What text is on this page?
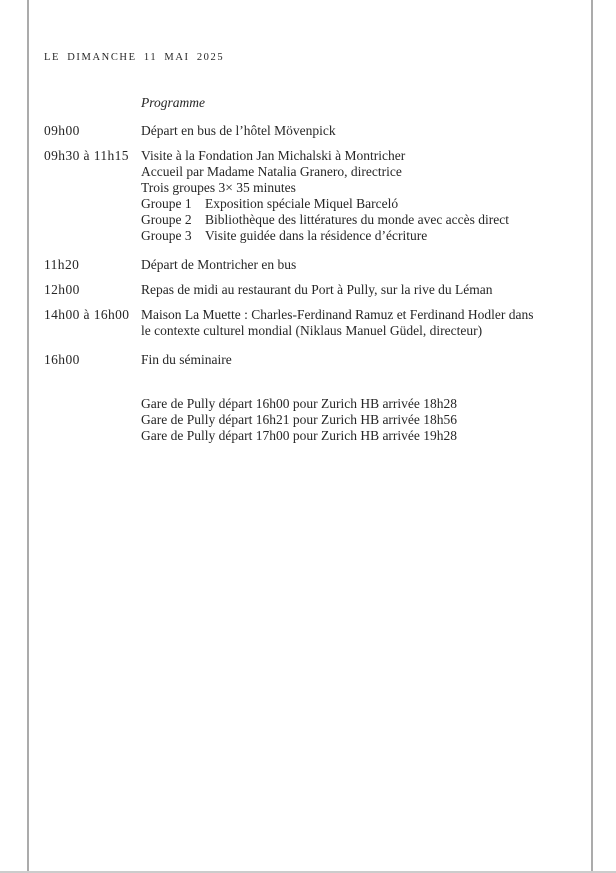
LE DIMANCHE 11 MAI 2025
Programme
09h00	Départ en bus de l’hôtel Mövenpick
09h30 à 11h15 Visite à la Fondation Jan Michalski à Montricher
Accueil par Madame Natalia Granero, directrice
Trois groupes 3× 35 minutes
Groupe 1 Exposition spéciale Miquel Barceló
Groupe 2 Bibliothèque des littératures du monde avec accès direct
Groupe 3 Visite guidée dans la résidence d’écriture
11h20	Départ de Montricher en bus
12h00	Repas de midi au restaurant du Port à Pully, sur la rive du Léman
14h00 à 16h00 Maison La Muette : Charles-Ferdinand Ramuz et Ferdinand Hodler dans
le contexte culturel mondial (Niklaus Manuel Güdel, directeur)
16h00	Fin du séminaire
Gare de Pully départ 16h00 pour Zurich HB arrivée 18h28
Gare de Pully départ 16h21 pour Zurich HB arrivée 18h56
Gare de Pully départ 17h00 pour Zurich HB arrivée 19h28
